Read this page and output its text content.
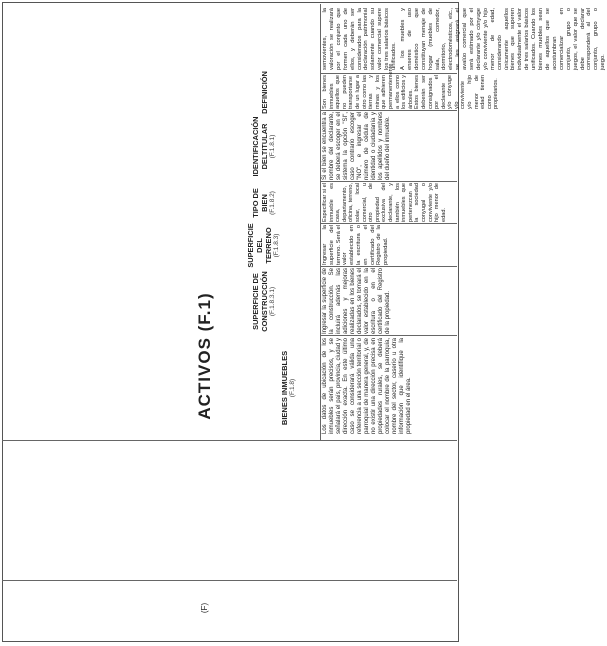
(F)
ACTIVOS (F.1)	BIENES INMUEBLES (F.1.8)
DEFINICIÓN
IDENTIFICACIÓN DELTITULAR (F.1.8.1)
TIPO DE BIEN (F.1.8.2)
SUPERFICIE DEL TERRENO (F.1.8.3)
SUPERFICIE DE CONSTRUCCIÓN (F.1.8.3.1)

semovientes, la valoración se realizará por el conjunto que formen cada uno de ellos, y deberán ser considerados para la declaración patrimonial solamente cuando su valor comercial supere los tres salarios básicos unificados. A los muebles y enseres de uso doméstico que constituyan menaje de hogar (muebles de sala, comedor, dormitorio, electrodomésticos, etc., se les asignará el avalúo comercial que será estimado por el declarante y/o cónyuge y/o conviviente y/o hijo menor de edad, considerando únicamente aquellos bienes que superen individualmente el valor de tres salarios básicos unificados. Cuando los bienes muebles sean de aquellos que se acostumbran comercializar en conjunto, grupo o juegos, el valor que se debe declarar corresponderá al del conjunto, grupo o juego.

Son bienes inmuebles aquellos que no pueden transportarse de un lugar a otro como las tierras y minas y los que adhieren permanentemente a ellos como los edificios y árboles. Estos bienes deberán ser consignados por el declarante y/o cónyuge y/o conviviente y/o hijo menor de edad tienen como propietarios.

Si el bien se encuentra a nombre del declarante, se deberá escoger en el sistema la opción "SI", caso contrario escoger "NO", e ingresar el número de cédula de identidad o ciudadanía y los apellidos y nombres del dueño del inmueble.

Especificar si el inmueble es casa, departamento, oficina, terreno, solar, local comercial, u otro de propiedad exclusiva del declarante, y también los inmuebles que pertenezcan a la sociedad conyugal o conviviente y/o hijo menor de edad.

Ingresar la superficie del terreno. Será el valor establecido en la escritura o en el certificado del Registro de la propiedad.

Ingresar la superficie de la construcción. Se incluirá además las adiciones y mejoras realizadas en los bienes declarados, se tomará el valor establecido en la escritura o en el certificado del Registro de la propiedad.

Los datos de ubicación de los inmuebles serán precisos, y se señalará el país, provincia, ciudad y dirección exacta. En este último caso se considerará válida una referencia a una sección territorial o parroquial de manera general, y, de no existir una dirección precisa en propiedades rurales, se deberá colocar el nombre de la parroquia, nombre del sector, caserío u otra información que identifique la propiedad en el área.
